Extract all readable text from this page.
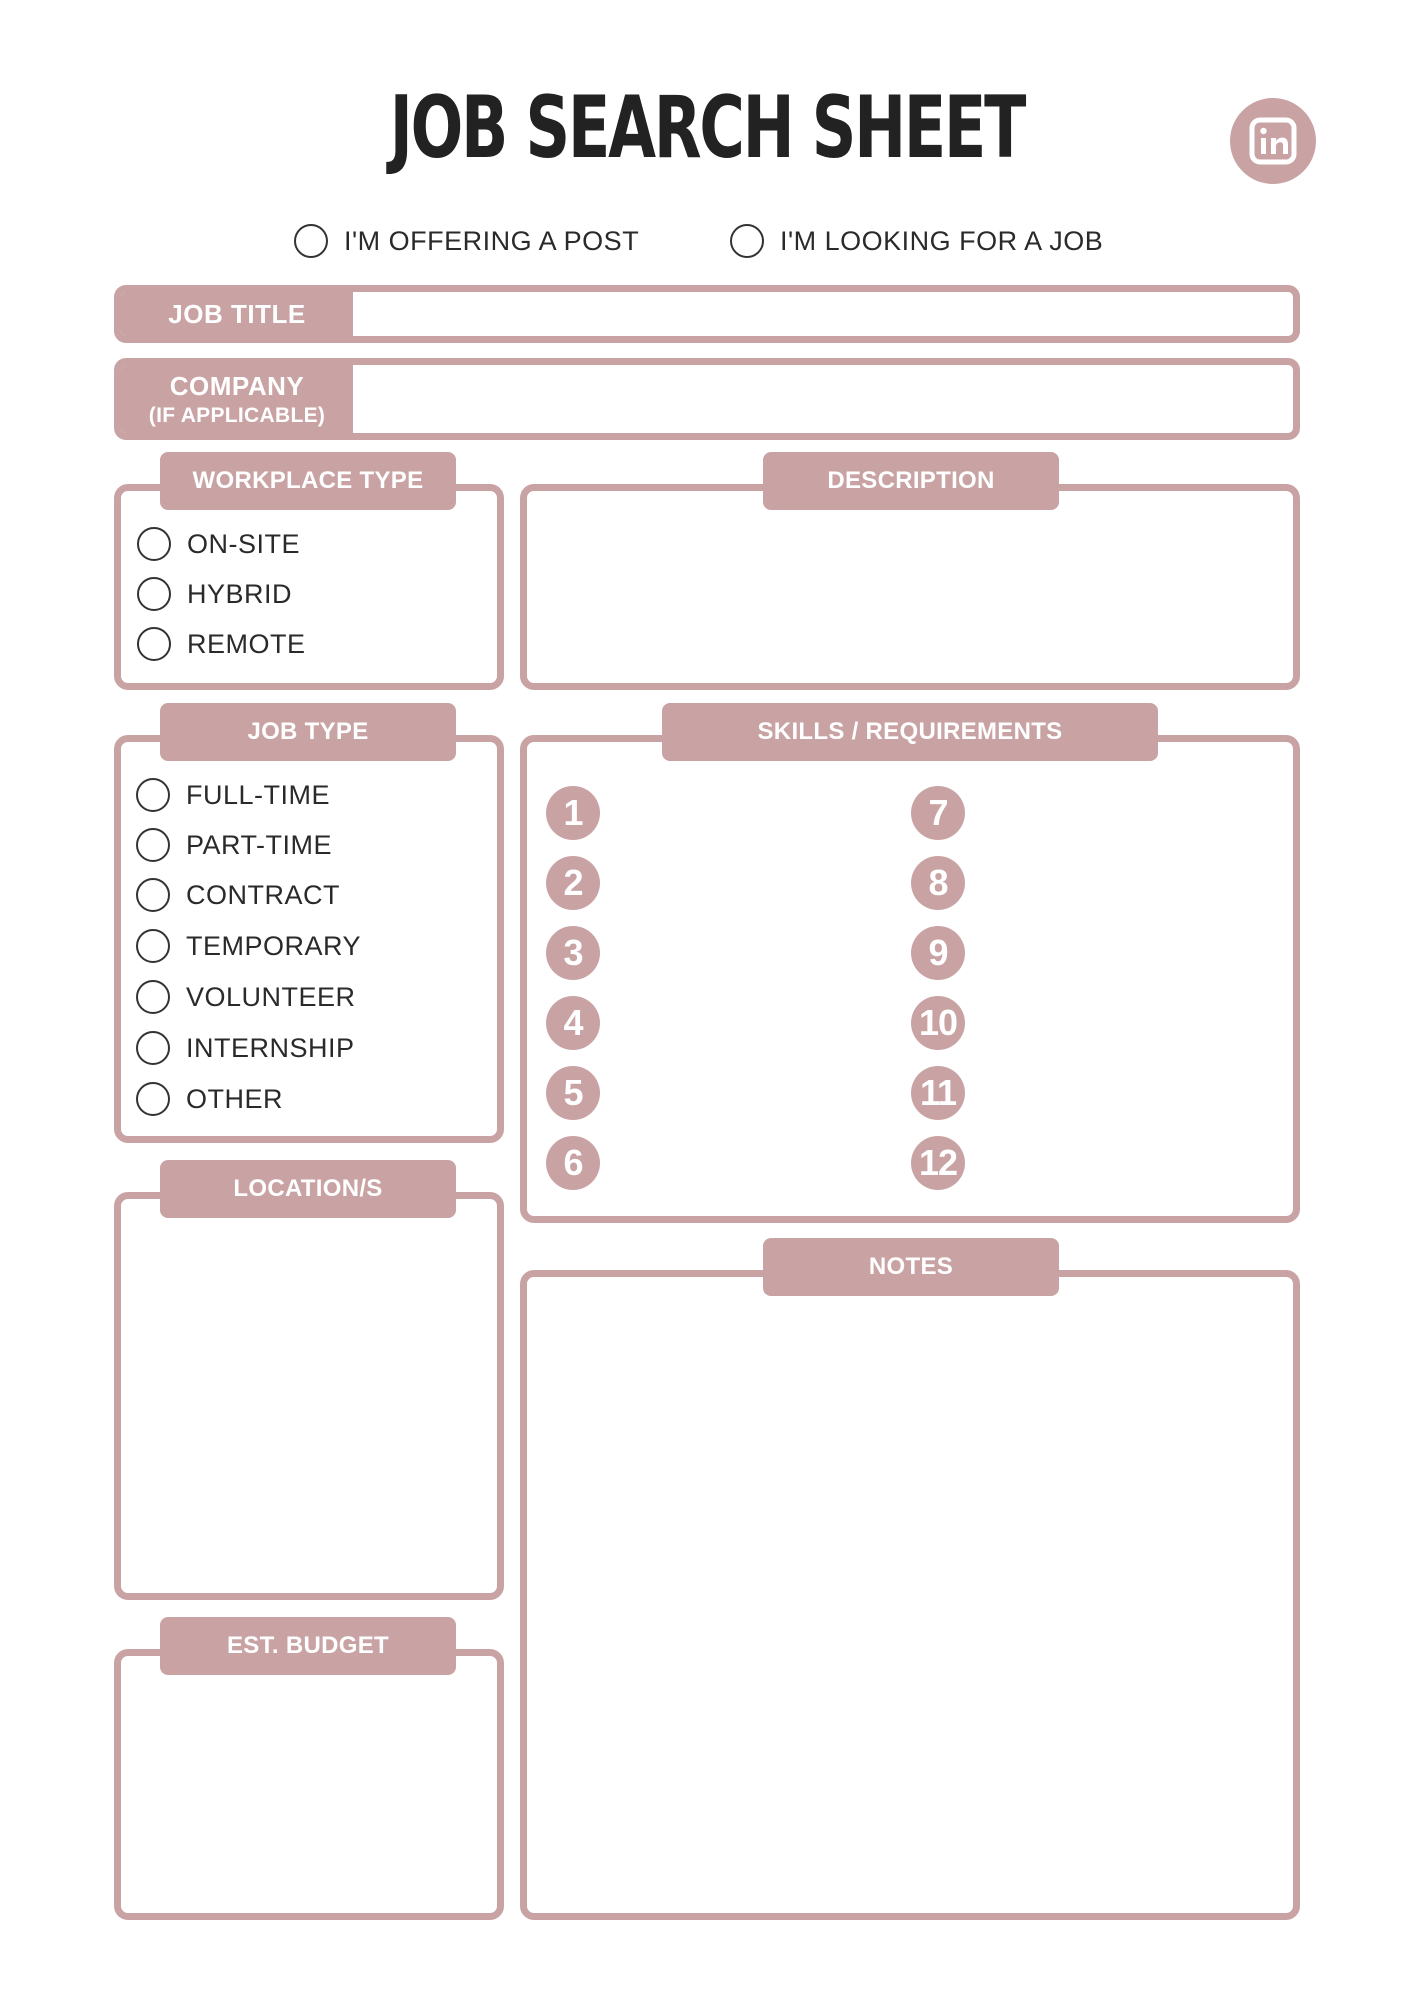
JOB SEARCH SHEET
I'M OFFERING A POST	I'M LOOKING FOR A JOB
JOB TITLE
COMPANY
(IF APPLICABLE)
WORKPLACE TYPE
ON-SITE
HYBRID
REMOTE
DESCRIPTION
JOB TYPE
FULL-TIME
PART-TIME
CONTRACT
TEMPORARY
VOLUNTEER
INTERNSHIP
OTHER
SKILLS / REQUIREMENTS
1
2
3
4
5
6
7
8
9
10
11
12
LOCATION/S
NOTES
EST. BUDGET
